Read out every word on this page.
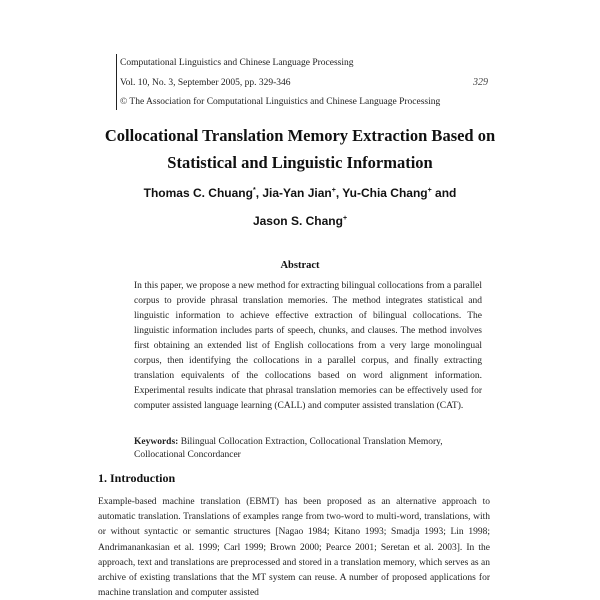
Computational Linguistics and Chinese Language Processing
Vol. 10, No. 3, September 2005, pp. 329-346
© The Association for Computational Linguistics and Chinese Language Processing
329
Collocational Translation Memory Extraction Based on
Statistical and Linguistic Information
Thomas C. Chuang*, Jia-Yan Jian+, Yu-Chia Chang+ and
Jason S. Chang+
Abstract
In this paper, we propose a new method for extracting bilingual collocations from a parallel corpus to provide phrasal translation memories. The method integrates statistical and linguistic information to achieve effective extraction of bilingual collocations. The linguistic information includes parts of speech, chunks, and clauses. The method involves first obtaining an extended list of English collocations from a very large monolingual corpus, then identifying the collocations in a parallel corpus, and finally extracting translation equivalents of the collocations based on word alignment information. Experimental results indicate that phrasal translation memories can be effectively used for computer assisted language learning (CALL) and computer assisted translation (CAT).
Keywords: Bilingual Collocation Extraction, Collocational Translation Memory, Collocational Concordancer
1. Introduction
Example-based machine translation (EBMT) has been proposed as an alternative approach to automatic translation. Translations of examples range from two-word to multi-word, translations, with or without syntactic or semantic structures [Nagao 1984; Kitano 1993; Smadja 1993; Lin 1998; Andrimanankasian et al. 1999; Carl 1999; Brown 2000; Pearce 2001; Seretan et al. 2003]. In the approach, text and translations are preprocessed and stored in a translation memory, which serves as an archive of existing translations that the MT system can reuse. A number of proposed applications for machine translation and computer assisted
